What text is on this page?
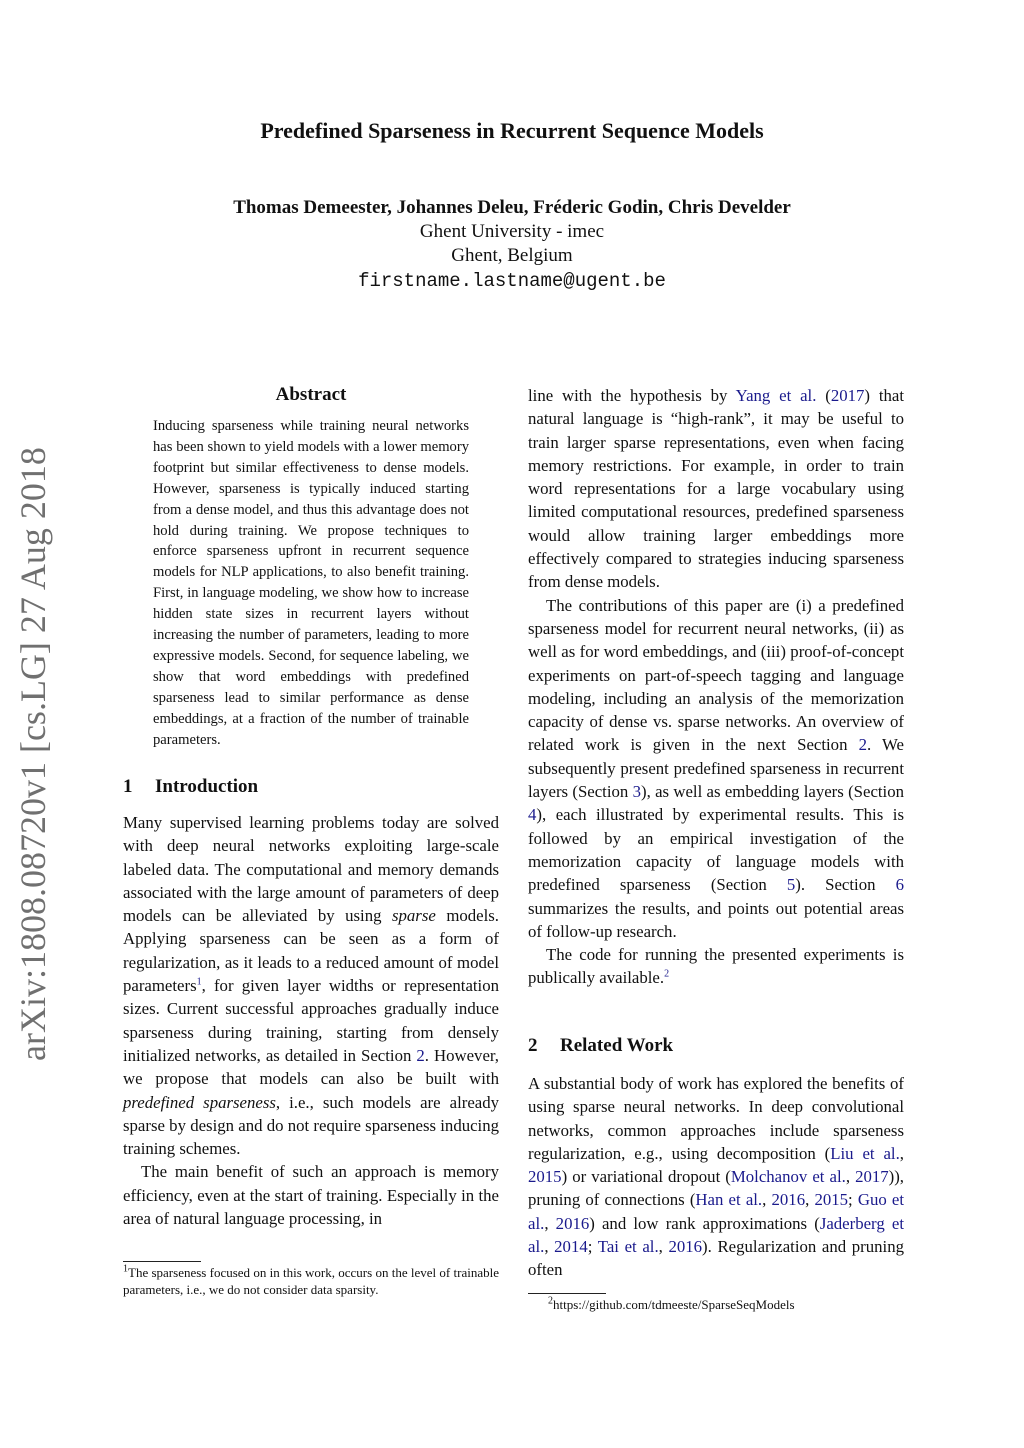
arXiv:1808.08720v1 [cs.LG] 27 Aug 2018
Predefined Sparseness in Recurrent Sequence Models
Thomas Demeester, Johannes Deleu, Fréderic Godin, Chris Develder
Ghent University - imec
Ghent, Belgium
firstname.lastname@ugent.be
Abstract
Inducing sparseness while training neural networks has been shown to yield models with a lower memory footprint but similar effectiveness to dense models. However, sparseness is typically induced starting from a dense model, and thus this advantage does not hold during training. We propose techniques to enforce sparseness upfront in recurrent sequence models for NLP applications, to also benefit training. First, in language modeling, we show how to increase hidden state sizes in recurrent layers without increasing the number of parameters, leading to more expressive models. Second, for sequence labeling, we show that word embeddings with predefined sparseness lead to similar performance as dense embeddings, at a fraction of the number of trainable parameters.
1 Introduction

Many supervised learning problems today are solved with deep neural networks exploiting large-scale labeled data. The computational and memory demands associated with the large amount of parameters of deep models can be alleviated by using sparse models. Applying sparseness can be seen as a form of regularization, as it leads to a reduced amount of model parameters$^1$, for given layer widths or representation sizes. Current successful approaches gradually induce sparseness during training, starting from densely initialized networks, as detailed in Section 2. However, we propose that models can also be built with predefined sparseness, i.e., such models are already sparse by design and do not require sparseness inducing training schemes.

The main benefit of such an approach is memory efficiency, even at the start of training. Especially in the area of natural language processing, in

$^1$The sparseness focused on in this work, occurs on the level of trainable parameters, i.e., we do not consider data sparsity.

line with the hypothesis by Yang et al. (2017) that natural language is “high-rank”, it may be useful to train larger sparse representations, even when facing memory restrictions. For example, in order to train word representations for a large vocabulary using limited computational resources, predefined sparseness would allow training larger embeddings more effectively compared to strategies inducing sparseness from dense models.

The contributions of this paper are (i) a predefined sparseness model for recurrent neural networks, (ii) as well as for word embeddings, and (iii) proof-of-concept experiments on part-of-speech tagging and language modeling, including an analysis of the memorization capacity of dense vs. sparse networks. An overview of related work is given in the next Section 2. We subsequently present predefined sparseness in recurrent layers (Section 3), as well as embedding layers (Section 4), each illustrated by experimental results. This is followed by an empirical investigation of the memorization capacity of language models with predefined sparseness (Section 5). Section 6 summarizes the results, and points out potential areas of follow-up research.

The code for running the presented experiments is publically available.$^2$

2 Related Work

A substantial body of work has explored the benefits of using sparse neural networks. In deep convolutional networks, common approaches include sparseness regularization, e.g., using decomposition (Liu et al., 2015) or variational dropout (Molchanov et al., 2017)), pruning of connections (Han et al., 2016, 2015; Guo et al., 2016) and low rank approximations (Jaderberg et al., 2014; Tai et al., 2016). Regularization and pruning often

$^2$https://github.com/tdmeeste/SparseSeqModels
